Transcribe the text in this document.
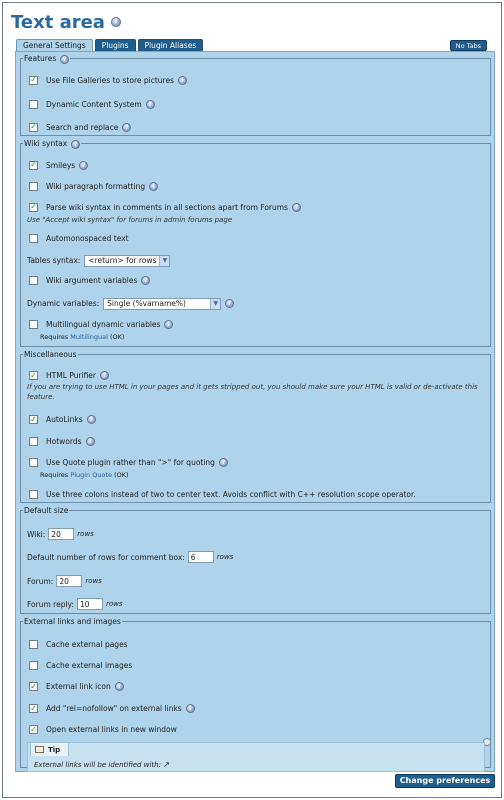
Text area	?
General Settings	Plugins	Plugin Aliases	No Tabs
Features ?
✓ Use File Galleries to store pictures	i
Dynamic Content System	?
✓ Search and replace	?
Wiki syntax ?
✓ Smileys	?
Wiki paragraph formatting	i
✓ Parse wiki syntax in comments in all sections apart from Forums	?
Use "Accept wiki syntax" for forums in admin forums page
Automonospaced text
Tables syntax: <return> for rows	▼
Wiki argument variables	?
Dynamic variables: Single (%varname%)	▼	?
Multilingual dynamic variables	i
Requires Multilingual (OK)
Miscellaneous
✓ HTML Purifier	?
If you are trying to use HTML in your pages and it gets stripped out, you should make sure your HTML is valid or de-activate this
feature.
✓ AutoLinks	?
Hotwords	?
Use Quote plugin rather than ">" for quoting	?
Requires Plugin Quote (OK)
Use three colons instead of two to center text. Avoids conflict with C++ resolution scope operator.
Default size
Wiki: 20	rows
Default number of rows for comment box: 6	rows
Forum: 20	rows
Forum reply: 10	rows
External links and images
Cache external pages
Cache external images
✓ External link icon	i
✓ Add "rel=nofollow" on external links	i
✓ Open external links in new window
Tip
External links will be identified with: ↗
Change preferences
